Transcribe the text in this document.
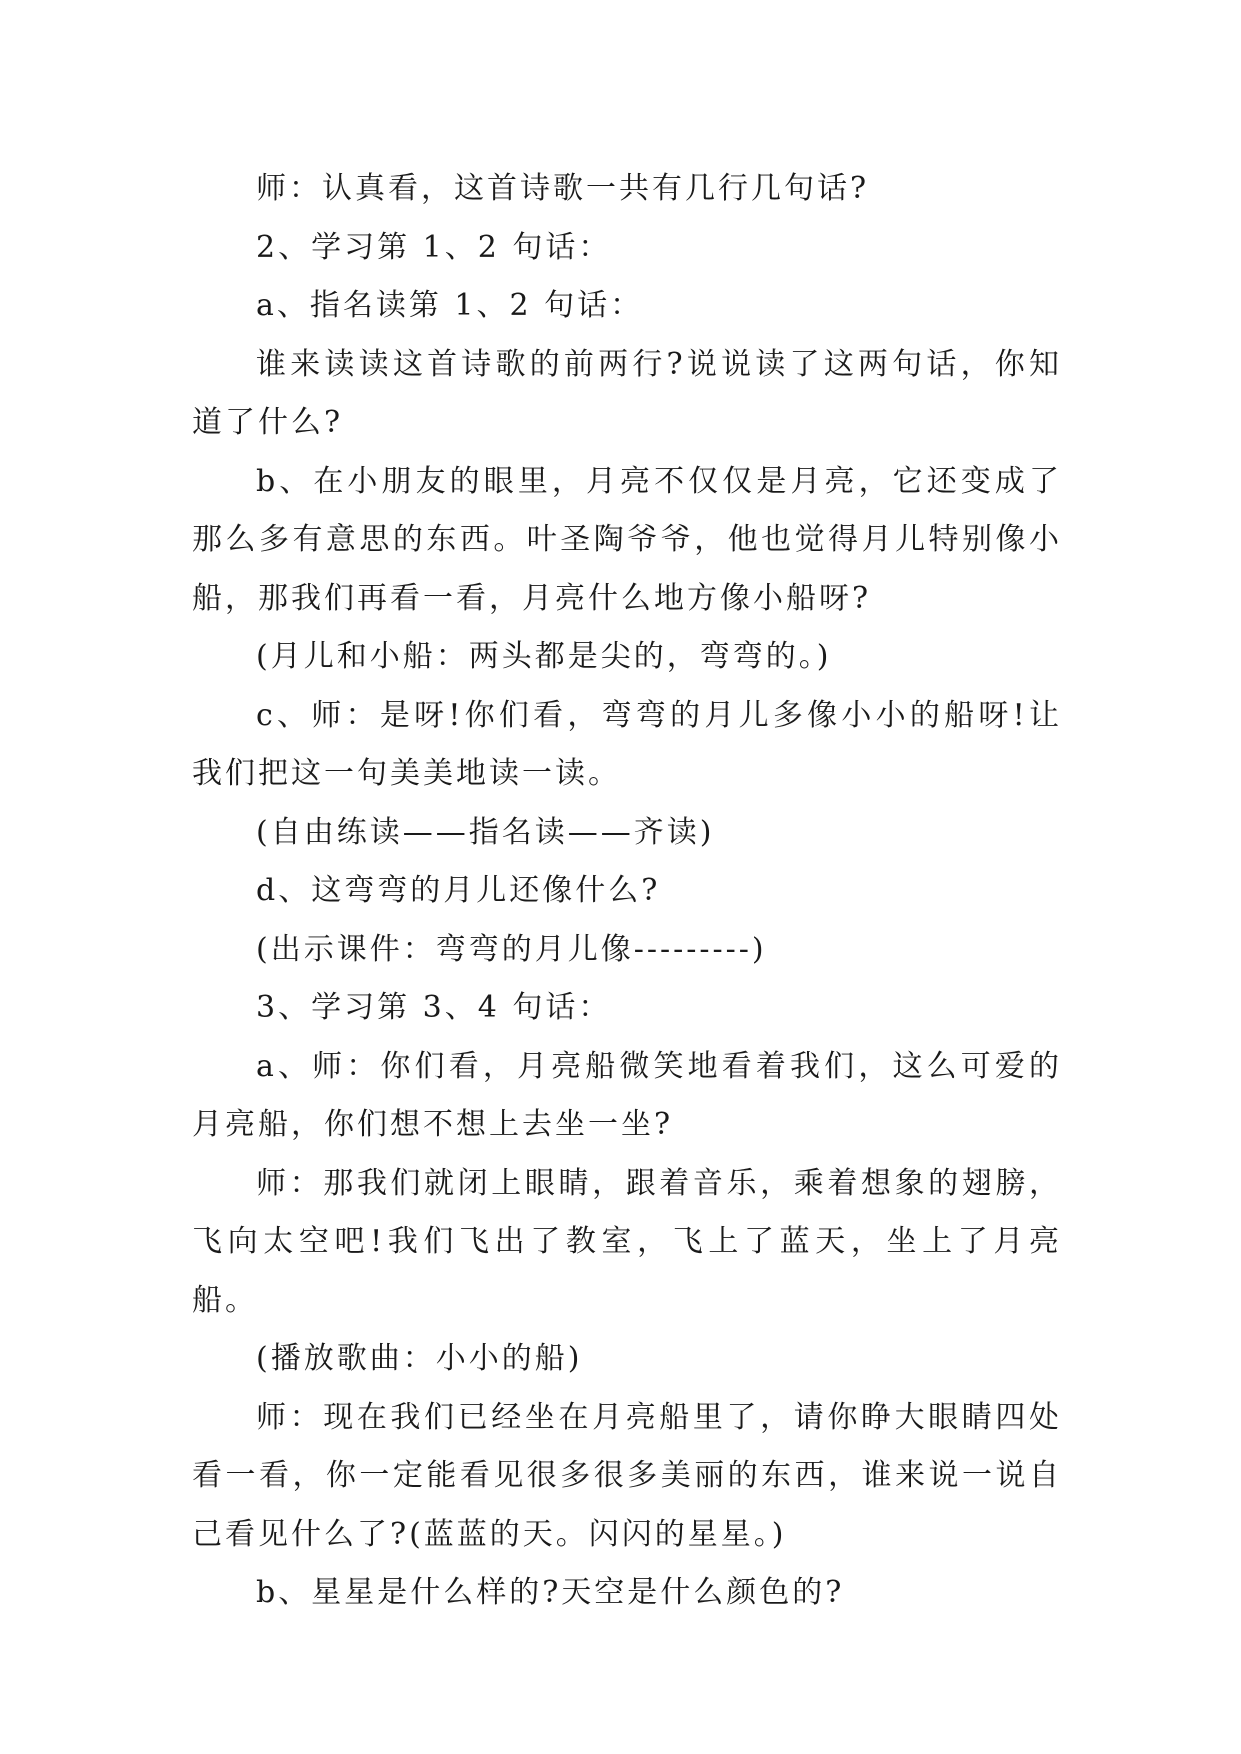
师：认真看，这首诗歌一共有几行几句话?

2、学习第 1、2 句话：

a、指名读第 1、2 句话：

谁来读读这首诗歌的前两行?说说读了这两句话，你知道了什么?

b、在小朋友的眼里，月亮不仅仅是月亮，它还变成了那么多有意思的东西。叶圣陶爷爷，他也觉得月儿特别像小船，那我们再看一看，月亮什么地方像小船呀?

(月儿和小船：两头都是尖的，弯弯的。)

c、师：是呀!你们看，弯弯的月儿多像小小的船呀!让我们把这一句美美地读一读。

(自由练读——指名读——齐读)

d、这弯弯的月儿还像什么?

(出示课件：弯弯的月儿像---------)

3、学习第 3、4 句话：

a、师：你们看，月亮船微笑地看着我们，这么可爱的月亮船，你们想不想上去坐一坐?

师：那我们就闭上眼睛，跟着音乐，乘着想象的翅膀，飞向太空吧!我们飞出了教室，飞上了蓝天，坐上了月亮船。

(播放歌曲：小小的船)

师：现在我们已经坐在月亮船里了，请你睁大眼睛四处看一看，你一定能看见很多很多美丽的东西，谁来说一说自己看见什么了?(蓝蓝的天。闪闪的星星。)

b、星星是什么样的?天空是什么颜色的?
